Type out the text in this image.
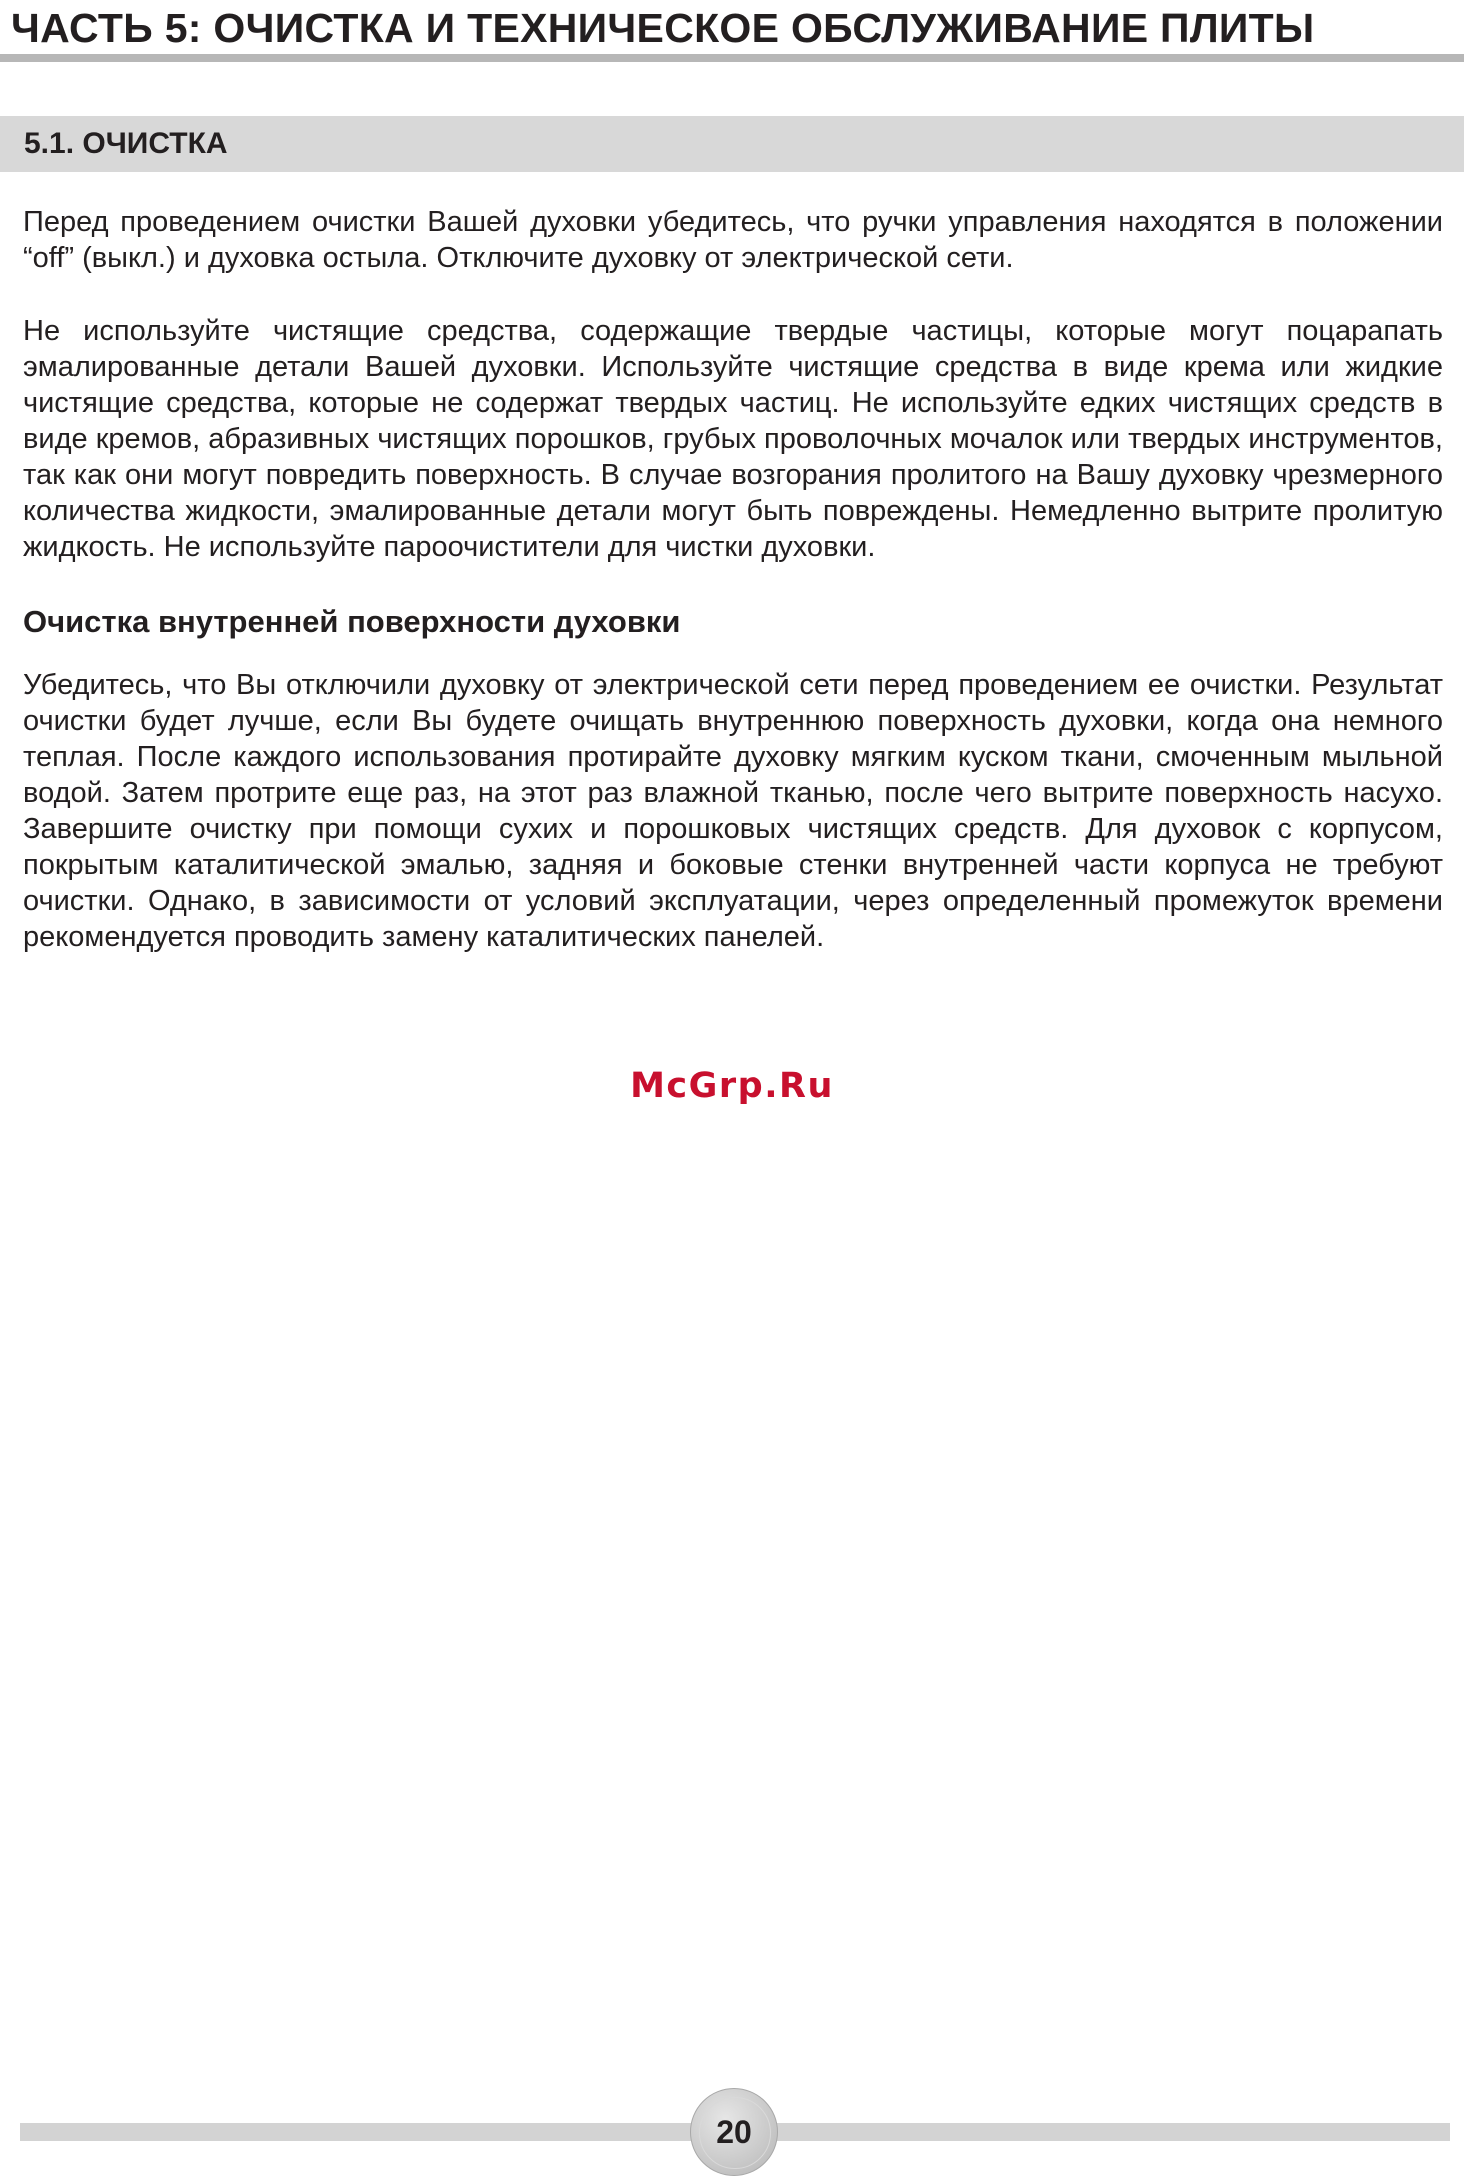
ЧАСТЬ 5: ОЧИСТКА И ТЕХНИЧЕСКОЕ ОБСЛУЖИВАНИЕ ПЛИТЫ
5.1. ОЧИСТКА

Перед проведением очистки Вашей духовки убедитесь, что ручки управления находятся в положении “off” (выкл.) и духовка остыла. Отключите духовку от электрической сети.

Не используйте чистящие средства, содержащие твердые частицы, которые могут поцарапать эмалированные детали Вашей духовки. Используйте чистящие средства в виде крема или жидкие чистящие средства, которые не содержат твердых частиц. Не используйте едких чистящих средств в виде кремов, абразивных чистящих порошков, грубых проволочных мочалок или твердых инструментов, так как они могут повредить поверхность. В случае возгорания пролитого на Вашу духовку чрезмерного количества жидкости, эмалированные детали могут быть повреждены. Немедленно вытрите пролитую жидкость. Не используйте пароочистители для чистки духовки.

Очистка внутренней поверхности духовки

Убедитесь, что Вы отключили духовку от электрической сети перед проведением ее очистки. Результат очистки будет лучше, если Вы будете очищать внутреннюю поверхность духовки, когда она немного теплая. После каждого использования протирайте духовку мягким куском ткани, смоченным мыльной водой. Затем протрите еще раз, на этот раз влажной тканью, после чего вытрите поверхность насухо. Завершите очистку при помощи сухих и порошковых чистящих средств. Для духовок с корпусом, покрытым каталитической эмалью, задняя и боковые стенки внутренней части корпуса не требуют очистки. Однако, в зависимости от условий эксплуатации, через определенный промежуток времени рекомендуется проводить замену каталитических панелей.

McGrp.Ru
20
